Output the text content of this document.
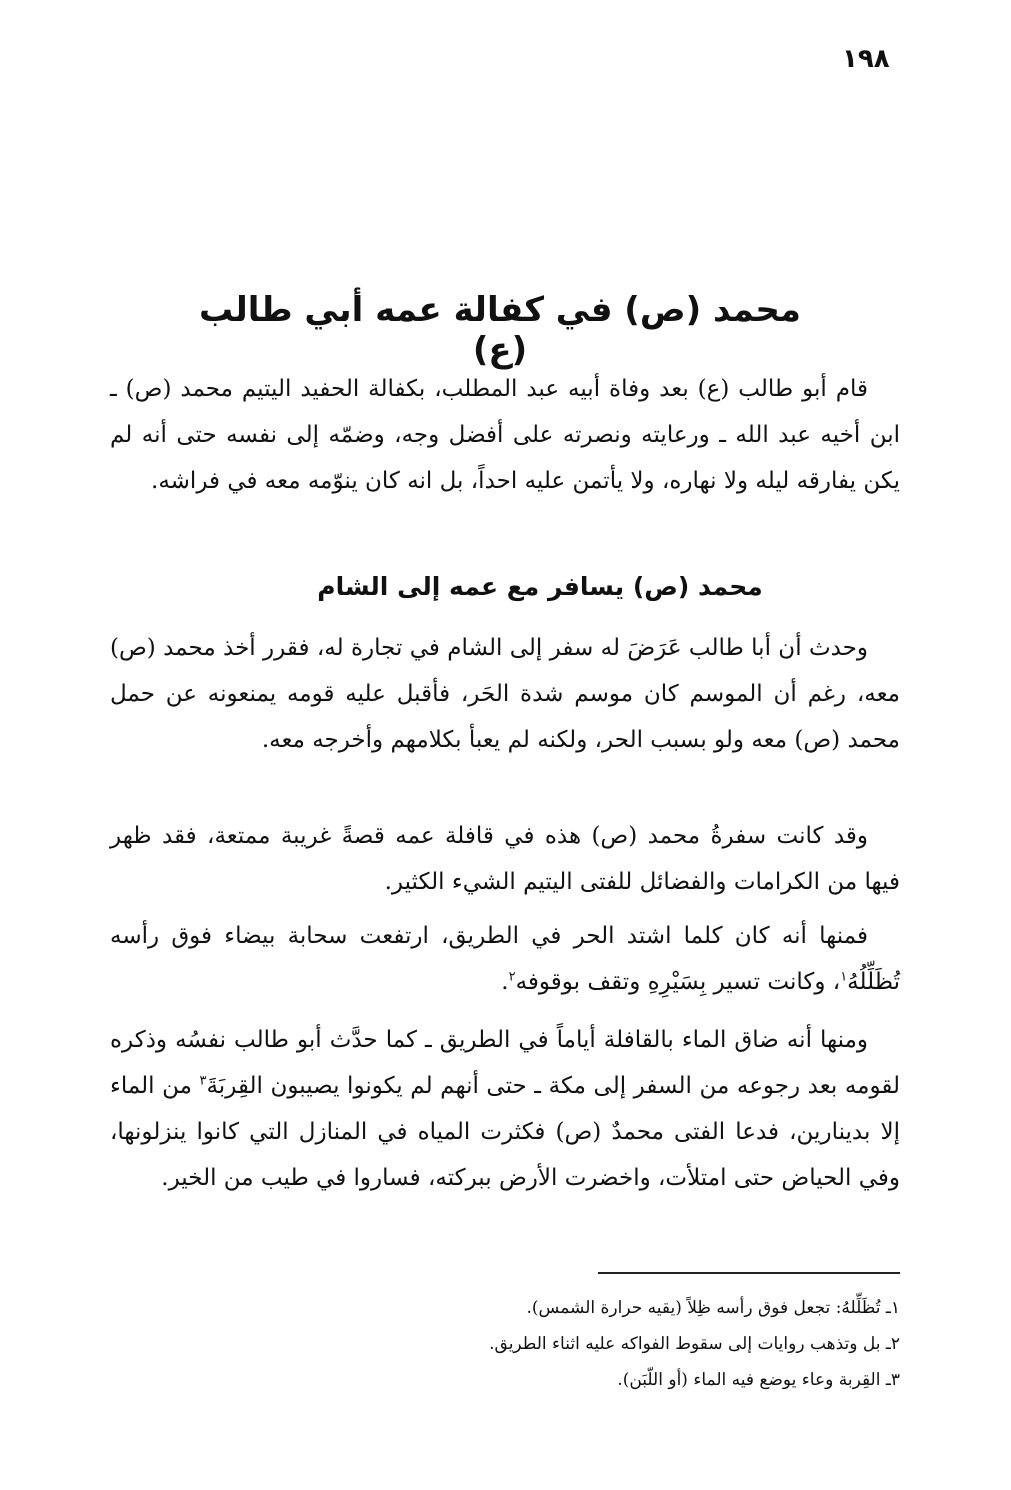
١٩٨
محمد (ص) في كفالة عمه أبي طالب (ع)

قام أبو طالب (ع) بعد وفاة أبيه عبد المطلب، بكفالة الحفيد اليتيم محمد (ص) ـ ابن أخيه عبد الله ـ ورعايته ونصرته على أفضل وجه، وضمّه إلى نفسه حتى أنه لم يكن يفارقه ليله ولا نهاره، ولا يأتمن عليه احداً، بل انه كان ينوّمه معه في فراشه.

محمد (ص) يسافر مع عمه إلى الشام

وحدث أن أبا طالب عَرَضَ له سفر إلى الشام في تجارة له، فقرر أخذ محمد (ص) معه، رغم أن الموسم كان موسم شدة الحَر، فأقبل عليه قومه يمنعونه عن حمل محمد (ص) معه ولو بسبب الحر، ولكنه لم يعبأ بكلامهم وأخرجه معه.

وقد كانت سفرةُ محمد (ص) هذه في قافلة عمه قصةً غريبة ممتعة، فقد ظهر فيها من الكرامات والفضائل للفتى اليتيم الشيء الكثير.

فمنها أنه كان كلما اشتد الحر في الطريق، ارتفعت سحابة بيضاء فوق رأسه تُظَلِّلُهُ$^١$، وكانت تسير بِسَيْرِهِ وتقف بوقوفه$^٢$.

ومنها أنه ضاق الماء بالقافلة أياماً في الطريق ـ كما حدَّث أبو طالب نفسُه وذكره لقومه بعد رجوعه من السفر إلى مكة ـ حتى أنهم لم يكونوا يصيبون القِربَةَ$^٣$ من الماء إلا بدينارين، فدعا الفتى محمدٌ (ص) فكثرت المياه في المنازل التي كانوا ينزلونها، وفي الحياض حتى امتلأت، واخضرت الأرض ببركته، فساروا في طيب من الخير.

١ـ تُظَلِّلهُ: تجعل فوق رأسه ظِلاً (يقيه حرارة الشمس).
٢ـ بل وتذهب روايات إلى سقوط الفواكه عليه اثناء الطريق.
٣ـ القِربة وعاء يوضع فيه الماء (أو اللّبَن).
